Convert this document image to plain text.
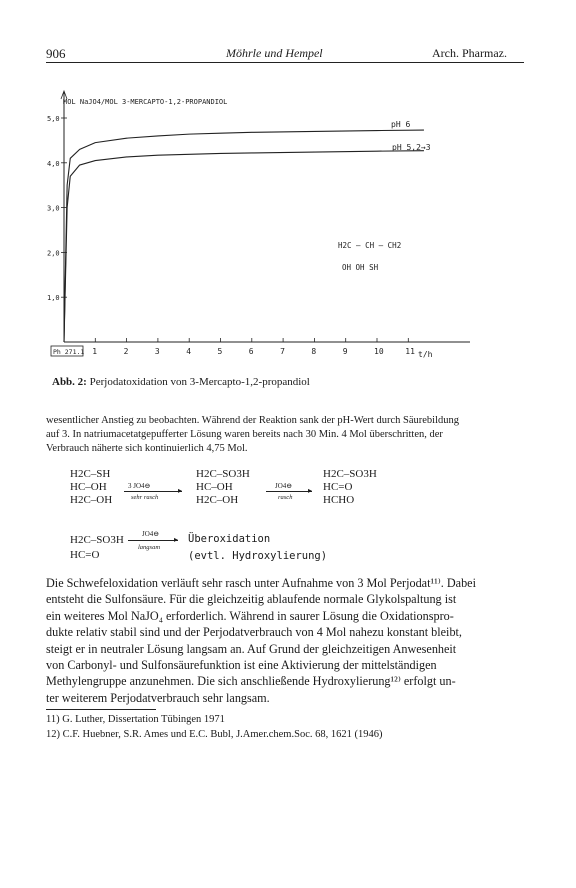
906	Möhrle und Hempel	Arch. Pharmaz.
1,0
2,0
3,0
4,0
5,0
1	2	3	4	5	6	7	8	9	10	11
MOL NaJO4/MOL 3-MERCAPTO-1,2-PROPANDIOL
t/h
pH 6
pH 5,2→3
H2C — CH — CH2
OH OH SH
Ph 271.1
Abb. 2: Perjodatoxidation von 3-Mercapto-1,2-propandiol
wesentlicher Anstieg zu beobachten. Während der Reaktion sank der pH-Wert durch Säurebildung
auf 3. In natriumacetatgepufferter Lösung waren bereits nach 30 Min. 4 Mol überschritten, der
Verbrauch näherte sich kontinuierlich 4,75 Mol.
H2C–SH
HC–OH
H2C–OH
3 JO4⊖	▸
sehr rasch
H2C–SO3H
HC–OH
H2C–OH
JO4⊖ ▸
rasch
H2C–SO3H
HC=O
HCHO
H2C–SO3H
HC=O
JO4⊖
▸
langsam
Überoxidation
(evtl. Hydroxylierung)
Die Schwefeloxidation verläuft sehr rasch unter Aufnahme von 3 Mol Perjodat¹¹⁾. Dabei
entsteht die Sulfonsäure. Für die gleichzeitig ablaufende normale Glykolspaltung ist
ein weiteres Mol NaJO₄ erforderlich. Während in saurer Lösung die Oxidationspro-
dukte relativ stabil sind und der Perjodatverbrauch von 4 Mol nahezu konstant bleibt,
steigt er in neutraler Lösung langsam an. Auf Grund der gleichzeitigen Anwesenheit
von Carbonyl- und Sulfonsäurefunktion ist eine Aktivierung der mittelständigen
Methylengruppe anzunehmen. Die sich anschließende Hydroxylierung¹²⁾ erfolgt un-
ter weiterem Perjodatverbrauch sehr langsam.
11) G. Luther, Dissertation Tübingen 1971
12) C.F. Huebner, S.R. Ames und E.C. Bubl, J.Amer.chem.Soc. 68, 1621 (1946)
